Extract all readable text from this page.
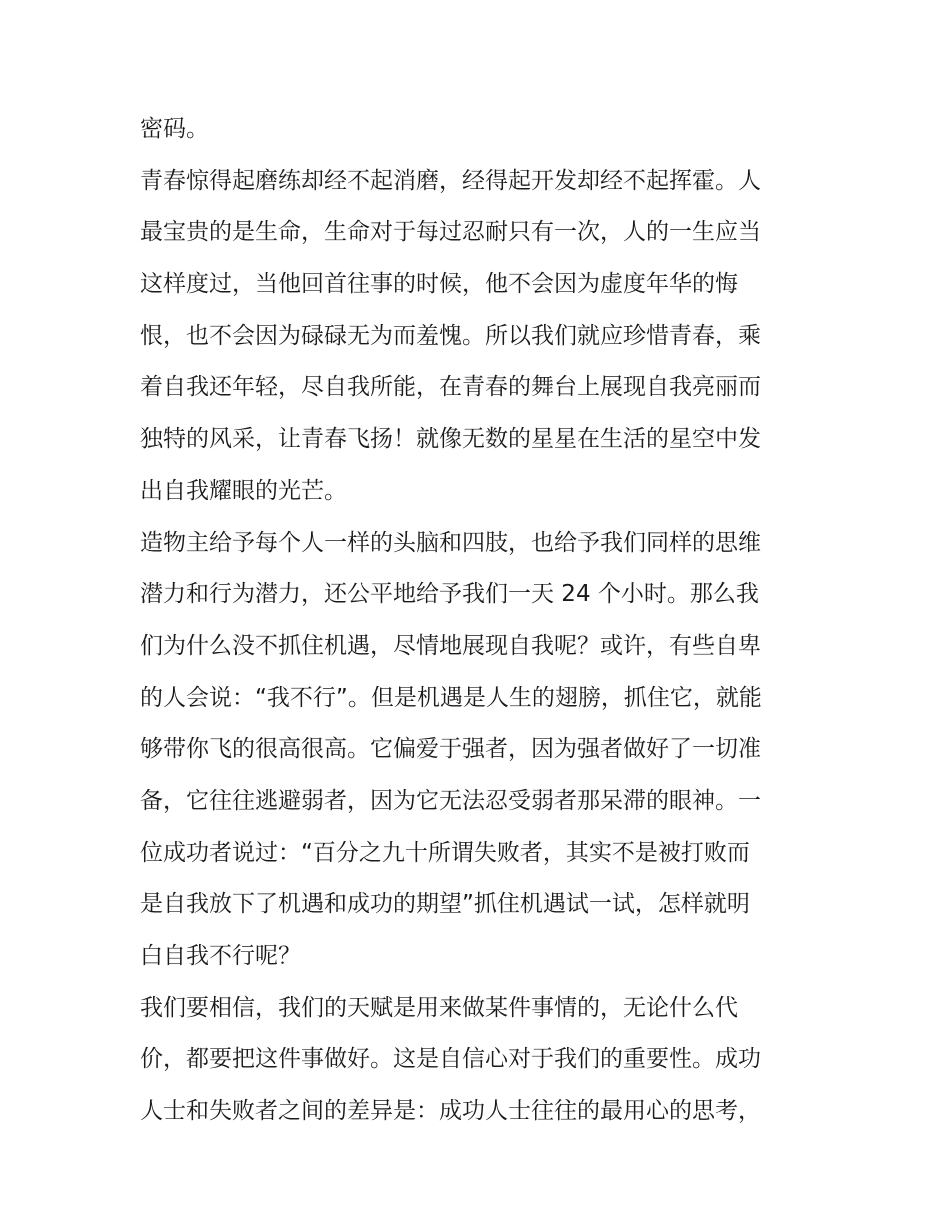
密码。
青春惊得起磨练却经不起消磨，经得起开发却经不起挥霍。人
最宝贵的是生命，生命对于每过忍耐只有一次，人的一生应当
这样度过，当他回首往事的时候，他不会因为虚度年华的悔
恨，也不会因为碌碌无为而羞愧。所以我们就应珍惜青春，乘
着自我还年轻，尽自我所能，在青春的舞台上展现自我亮丽而
独特的风采，让青春飞扬！就像无数的星星在生活的星空中发
出自我耀眼的光芒。
造物主给予每个人一样的头脑和四肢，也给予我们同样的思维
潜力和行为潜力，还公平地给予我们一天 24 个小时。那么我
们为什么没不抓住机遇，尽情地展现自我呢？或许，有些自卑
的人会说：“我不行”。但是机遇是人生的翅膀，抓住它，就能
够带你飞的很高很高。它偏爱于强者，因为强者做好了一切准
备，它往往逃避弱者，因为它无法忍受弱者那呆滞的眼神。一
位成功者说过：“百分之九十所谓失败者，其实不是被打败而
是自我放下了机遇和成功的期望”抓住机遇试一试，怎样就明
白自我不行呢？
我们要相信，我们的天赋是用来做某件事情的，无论什么代
价，都要把这件事做好。这是自信心对于我们的重要性。成功
人士和失败者之间的差异是：成功人士往往的最用心的思考，
